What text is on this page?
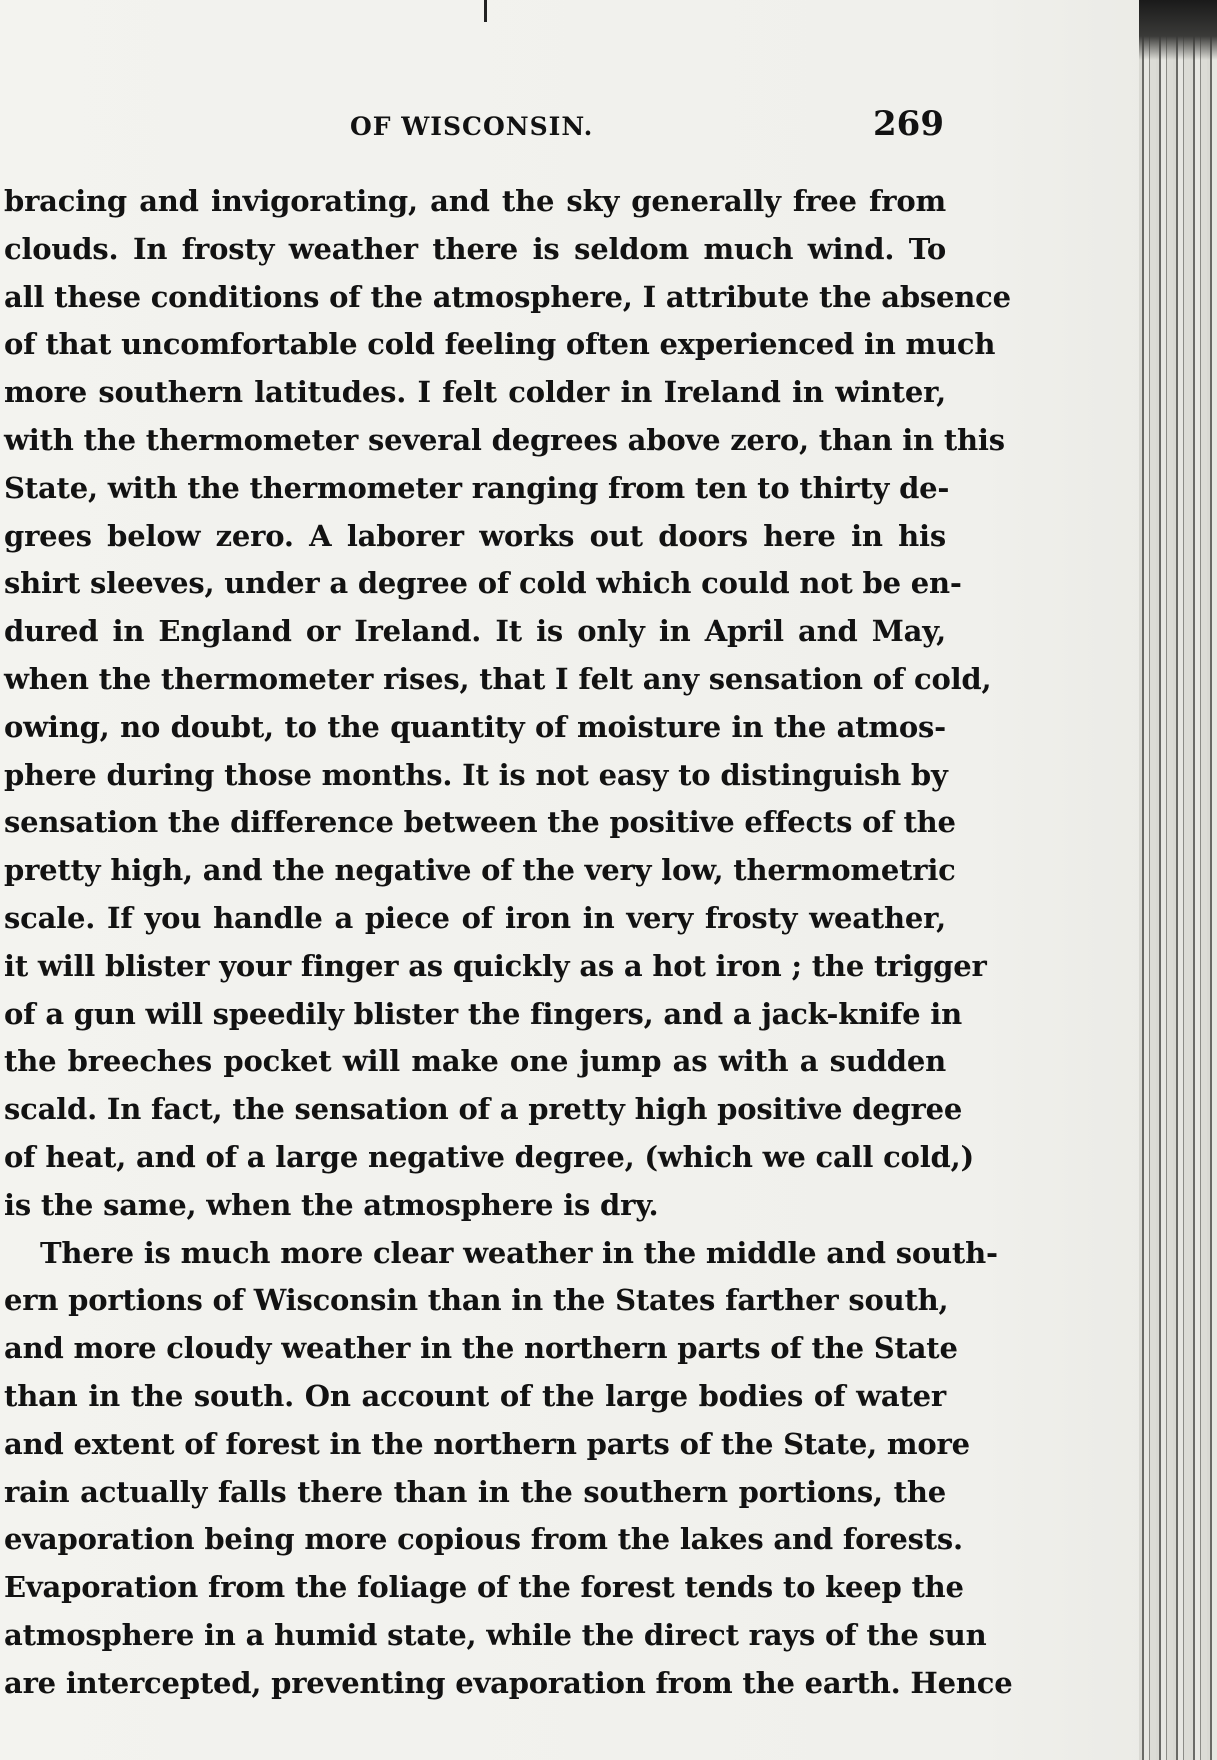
OF WISCONSIN.	269
bracing and invigorating, and the sky generally free from
clouds. In frosty weather there is seldom much wind. To
all these conditions of the atmosphere, I attribute the absence
of that uncomfortable cold feeling often experienced in much
more southern latitudes. I felt colder in Ireland in winter,
with the thermometer several degrees above zero, than in this
State, with the thermometer ranging from ten to thirty de-
grees below zero. A laborer works out doors here in his
shirt sleeves, under a degree of cold which could not be en-
dured in England or Ireland. It is only in April and May,
when the thermometer rises, that I felt any sensation of cold,
owing, no doubt, to the quantity of moisture in the atmos-
phere during those months. It is not easy to distinguish by
sensation the difference between the positive effects of the
pretty high, and the negative of the very low, thermometric
scale. If you handle a piece of iron in very frosty weather,
it will blister your finger as quickly as a hot iron ; the trigger
of a gun will speedily blister the fingers, and a jack-knife in
the breeches pocket will make one jump as with a sudden
scald. In fact, the sensation of a pretty high positive degree
of heat, and of a large negative degree, (which we call cold,)
is the same, when the atmosphere is dry.
There is much more clear weather in the middle and south-
ern portions of Wisconsin than in the States farther south,
and more cloudy weather in the northern parts of the State
than in the south. On account of the large bodies of water
and extent of forest in the northern parts of the State, more
rain actually falls there than in the southern portions, the
evaporation being more copious from the lakes and forests.
Evaporation from the foliage of the forest tends to keep the
atmosphere in a humid state, while the direct rays of the sun
are intercepted, preventing evaporation from the earth. Hence
